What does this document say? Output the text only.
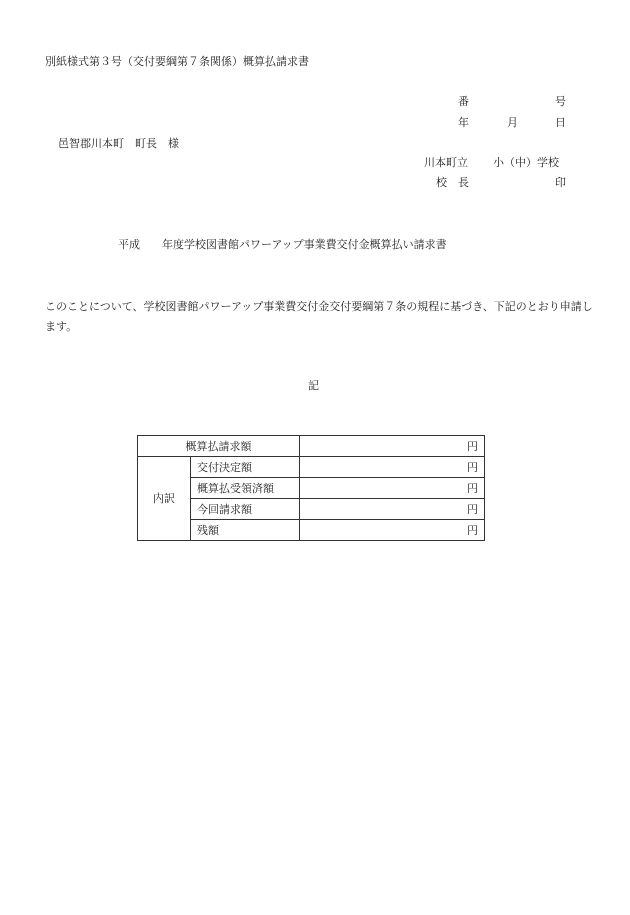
別紙様式第３号（交付要綱第７条関係）概算払請求書
番	号
年	月	日
邑智郡川本町　町長　様
川本町立 小（中）学校
校　長	印
平成　　年度学校図書館パワーアップ事業費交付金概算払い請求書
このことについて、学校図書館パワーアップ事業費交付金交付要綱第７条の規程に基づき、下記のとおり申請します。
記
概算払請求額		円
内訳	交付決定額	円
	概算払受領済額	円
	今回請求額	円
	残額	円
